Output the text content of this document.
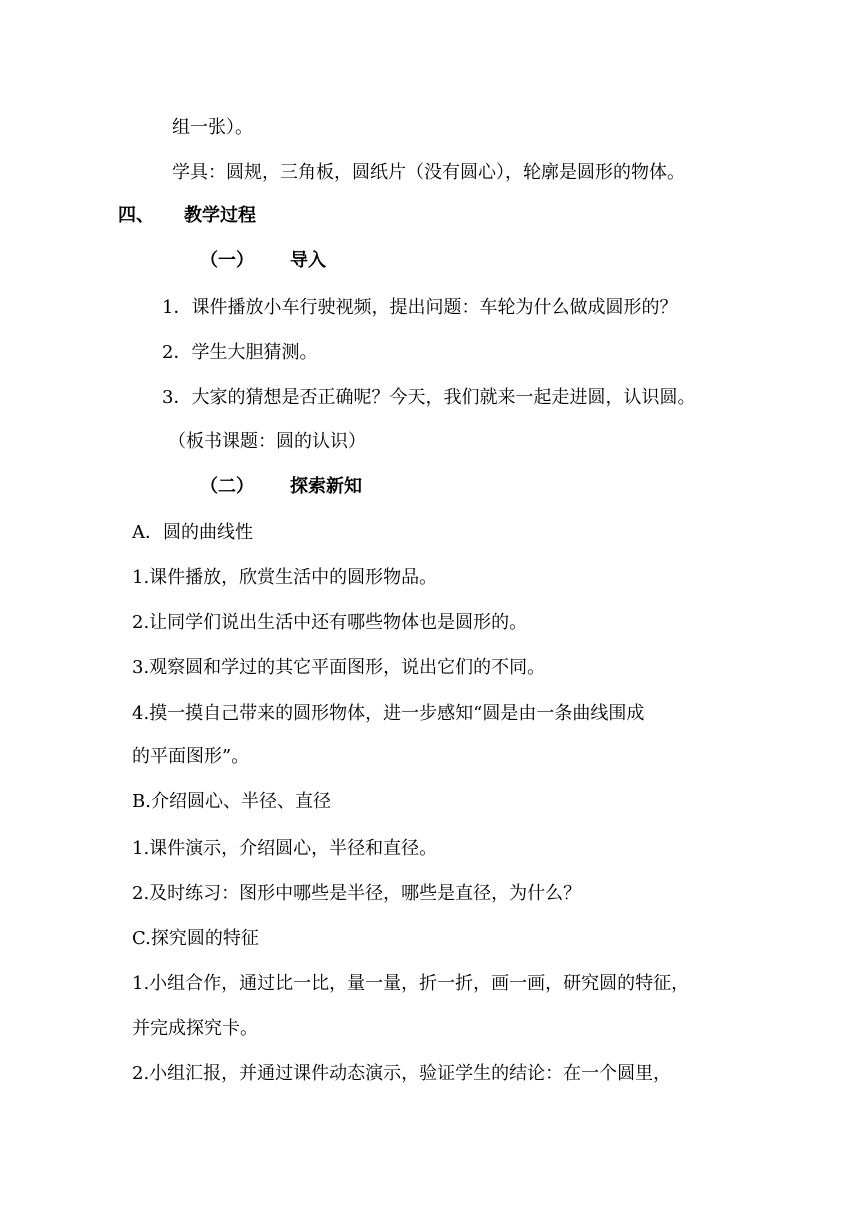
组一张）。
学具：圆规，三角板，圆纸片（没有圆心），轮廓是圆形的物体。
四、 教学过程
（一） 导入
1．课件播放小车行驶视频，提出问题：车轮为什么做成圆形的？
2．学生大胆猜测。
3．大家的猜想是否正确呢？今天，我们就来一起走进圆，认识圆。
（板书课题：圆的认识）
（二） 探索新知
A．圆的曲线性
1.课件播放，欣赏生活中的圆形物品。
2.让同学们说出生活中还有哪些物体也是圆形的。
3.观察圆和学过的其它平面图形，说出它们的不同。
4.摸一摸自己带来的圆形物体，进一步感知“圆是由一条曲线围成
的平面图形”。
B.介绍圆心、半径、直径
1.课件演示，介绍圆心，半径和直径。
2.及时练习：图形中哪些是半径，哪些是直径，为什么？
C.探究圆的特征
1.小组合作，通过比一比，量一量，折一折，画一画，研究圆的特征，
并完成探究卡。
2.小组汇报，并通过课件动态演示，验证学生的结论：在一个圆里，
